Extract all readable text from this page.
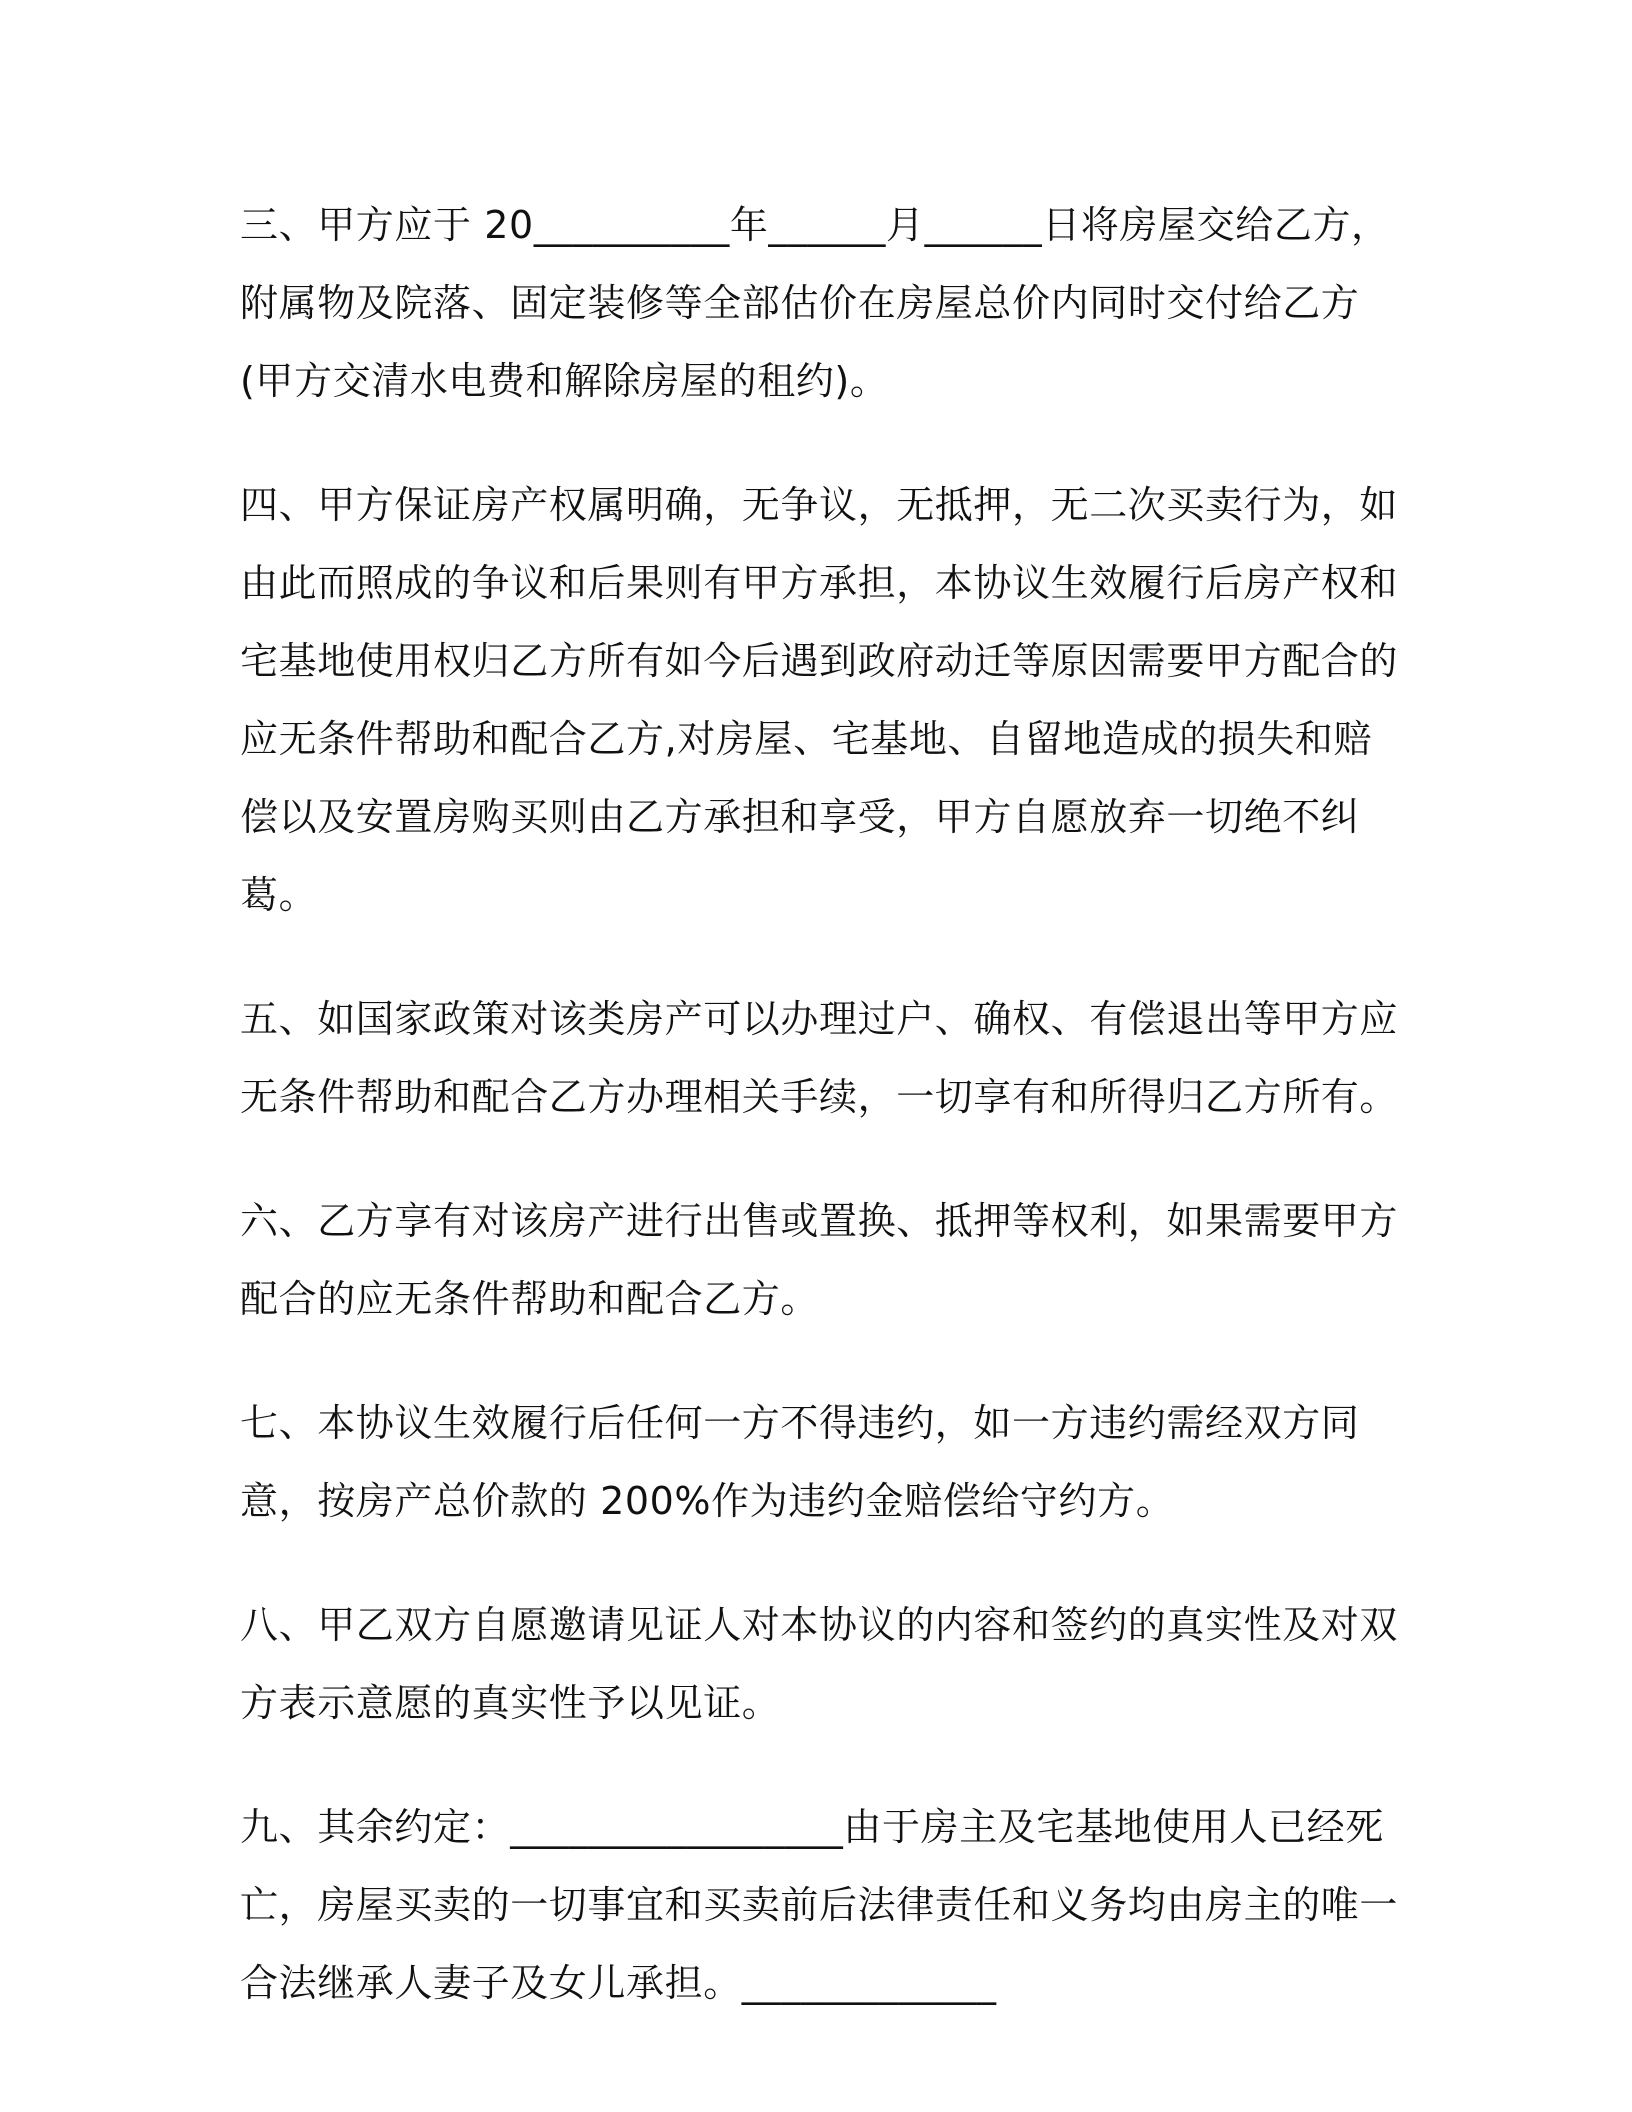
三、甲方应于 20__________年______月______日将房屋交给乙方，附属物及院落、固定装修等全部估价在房屋总价内同时交付给乙方(甲方交清水电费和解除房屋的租约)。

四、甲方保证房产权属明确，无争议，无抵押，无二次买卖行为，如由此而照成的争议和后果则有甲方承担，本协议生效履行后房产权和宅基地使用权归乙方所有如今后遇到政府动迁等原因需要甲方配合的应无条件帮助和配合乙方,对房屋、宅基地、自留地造成的损失和赔偿以及安置房购买则由乙方承担和享受，甲方自愿放弃一切绝不纠葛。

五、如国家政策对该类房产可以办理过户、确权、有偿退出等甲方应无条件帮助和配合乙方办理相关手续，一切享有和所得归乙方所有。

六、乙方享有对该房产进行出售或置换、抵押等权利，如果需要甲方配合的应无条件帮助和配合乙方。

七、本协议生效履行后任何一方不得违约，如一方违约需经双方同意，按房产总价款的 200%作为违约金赔偿给守约方。

八、甲乙双方自愿邀请见证人对本协议的内容和签约的真实性及对双方表示意愿的真实性予以见证。

九、其余约定：_________________由于房主及宅基地使用人已经死亡，房屋买卖的一切事宜和买卖前后法律责任和义务均由房主的唯一合法继承人妻子及女儿承担。_____________
